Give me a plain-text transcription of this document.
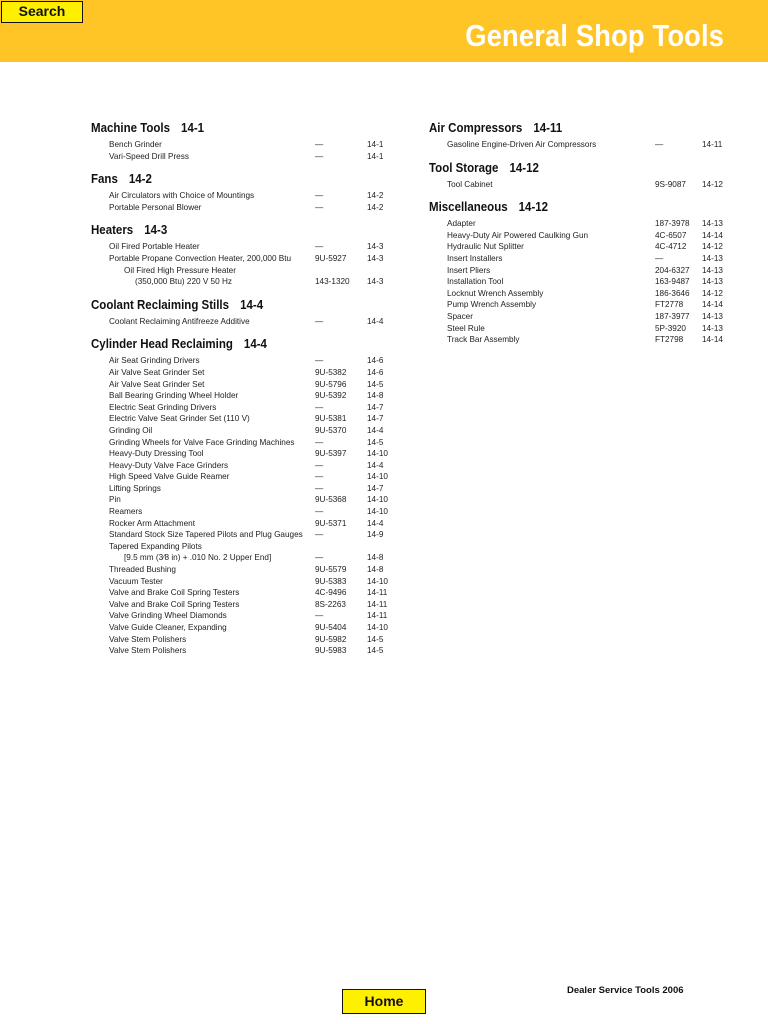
General Shop Tools
Search
Machine Tools 14-1
Bench Grinder	—	14-1
Vari-Speed Drill Press	—	14-1
Fans 14-2
Air Circulators with Choice of Mountings	—	14-2
Portable Personal Blower	—	14-2
Heaters 14-3
Oil Fired Portable Heater	—	14-3
Portable Propane Convection Heater, 200,000 Btu	9U-5927	14-3
Oil Fired High Pressure Heater
(350,000 Btu) 220 V 50 Hz	143-1320 14-3
Coolant Reclaiming Stills 14-4
Coolant Reclaiming Antifreeze Additive	—	14-4
Cylinder Head Reclaiming 14-4
Air Seat Grinding Drivers	—	14-6
Air Valve Seat Grinder Set	9U-5382	14-6
Air Valve Seat Grinder Set	9U-5796	14-5
Ball Bearing Grinding Wheel Holder	9U-5392	14-8
Electric Seat Grinding Drivers	—	14-7
Electric Valve Seat Grinder Set (110 V)	9U-5381	14-7
Grinding Oil	9U-5370	14-4
Grinding Wheels for Valve Face Grinding Machines —	14-5
Heavy-Duty Dressing Tool	9U-5397	14-10
Heavy-Duty Valve Face Grinders	—	14-4
High Speed Valve Guide Reamer	—	14-10
Lifting Springs	—	14-7
Pin	9U-5368	14-10
Reamers	—	14-10
Rocker Arm Attachment	9U-5371	14-4
Standard Stock Size Tapered Pilots and Plug Gauges —	14-9
Tapered Expanding Pilots
[9.5 mm (3⁄8 in) + .010 No. 2 Upper End]	—	14-8
Threaded Bushing	9U-5579	14-8
Vacuum Tester	9U-5383	14-10
Valve and Brake Coil Spring Testers	4C-9496	14-11
Valve and Brake Coil Spring Testers	8S-2263	14-11
Valve Grinding Wheel Diamonds	—	14-11
Valve Guide Cleaner, Expanding	9U-5404	14-10
Valve Stem Polishers	9U-5982	14-5
Valve Stem Polishers	9U-5983	14-5
Air Compressors 14-11
Gasoline Engine-Driven Air Compressors	—	14-11
Tool Storage 14-12
Tool Cabinet	9S-9087 14-12
Miscellaneous 14-12
Adapter	187-3978 14-13
Heavy-Duty Air Powered Caulking Gun	4C-6507 14-14
Hydraulic Nut Splitter	4C-4712 14-12
Insert Installers	—	14-13
Insert Pliers	204-6327 14-13
Installation Tool	163-9487 14-13
Locknut Wrench Assembly	186-3646 14-12
Pump Wrench Assembly	FT2778 14-14
Spacer	187-3977 14-13
Steel Rule	5P-3920 14-13
Track Bar Assembly	FT2798 14-14
Dealer Service Tools 2006
Home
